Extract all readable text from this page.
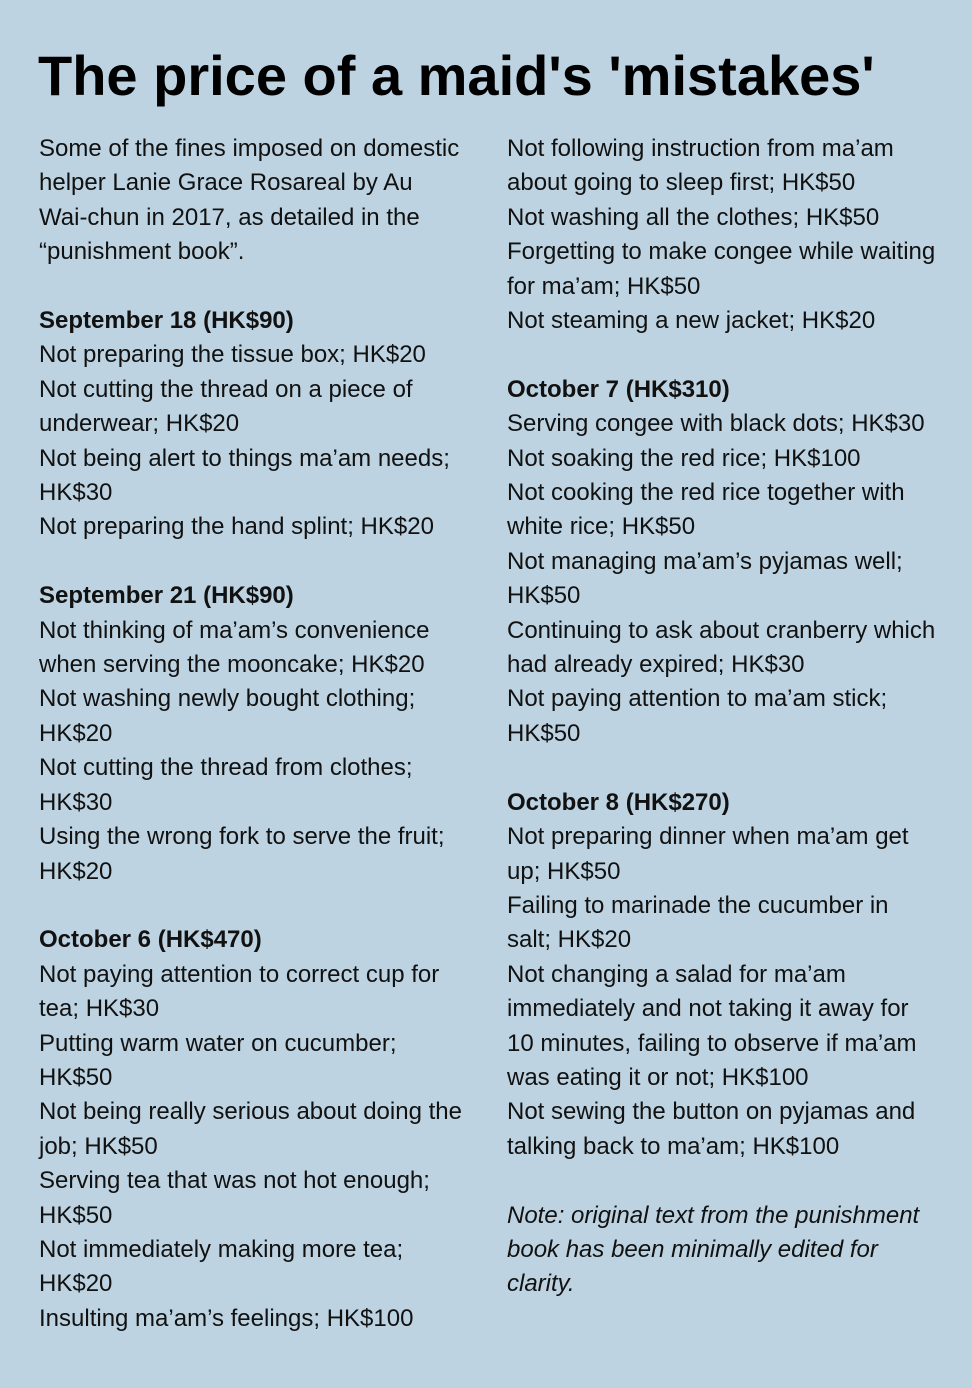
The price of a maid's 'mistakes'

Some of the fines imposed on domestic helper Lanie Grace Rosareal by Au Wai-chun in 2017, as detailed in the “punishment book”.

September 18 (HK$90)

Not preparing the tissue box; HK$20

Not cutting the thread on a piece of underwear; HK$20

Not being alert to things ma’am needs; HK$30

Not preparing the hand splint; HK$20

September 21 (HK$90)

Not thinking of ma’am’s convenience when serving the mooncake; HK$20

Not washing newly bought clothing; HK$20

Not cutting the thread from clothes; HK$30

Using the wrong fork to serve the fruit; HK$20

October 6 (HK$470)

Not paying attention to correct cup for tea; HK$30

Putting warm water on cucumber; HK$50

Not being really serious about doing the job; HK$50

Serving tea that was not hot enough; HK$50

Not immediately making more tea; HK$20

Insulting ma’am’s feelings; HK$100

Not following instruction from ma’am about going to sleep first; HK$50

Not washing all the clothes; HK$50

Forgetting to make congee while waiting for ma’am; HK$50

Not steaming a new jacket; HK$20

October 7 (HK$310)

Serving congee with black dots; HK$30

Not soaking the red rice; HK$100

Not cooking the red rice together with white rice; HK$50

Not managing ma’am’s pyjamas well; HK$50

Continuing to ask about cranberry which had already expired; HK$30

Not paying attention to ma’am stick; HK$50

October 8 (HK$270)

Not preparing dinner when ma’am get up; HK$50

Failing to marinade the cucumber in salt; HK$20

Not changing a salad for ma’am immediately and not taking it away for 10 minutes, failing to observe if ma’am was eating it or not; HK$100

Not sewing the button on pyjamas and talking back to ma’am; HK$100

Note: original text from the punishment book has been minimally edited for clarity.
